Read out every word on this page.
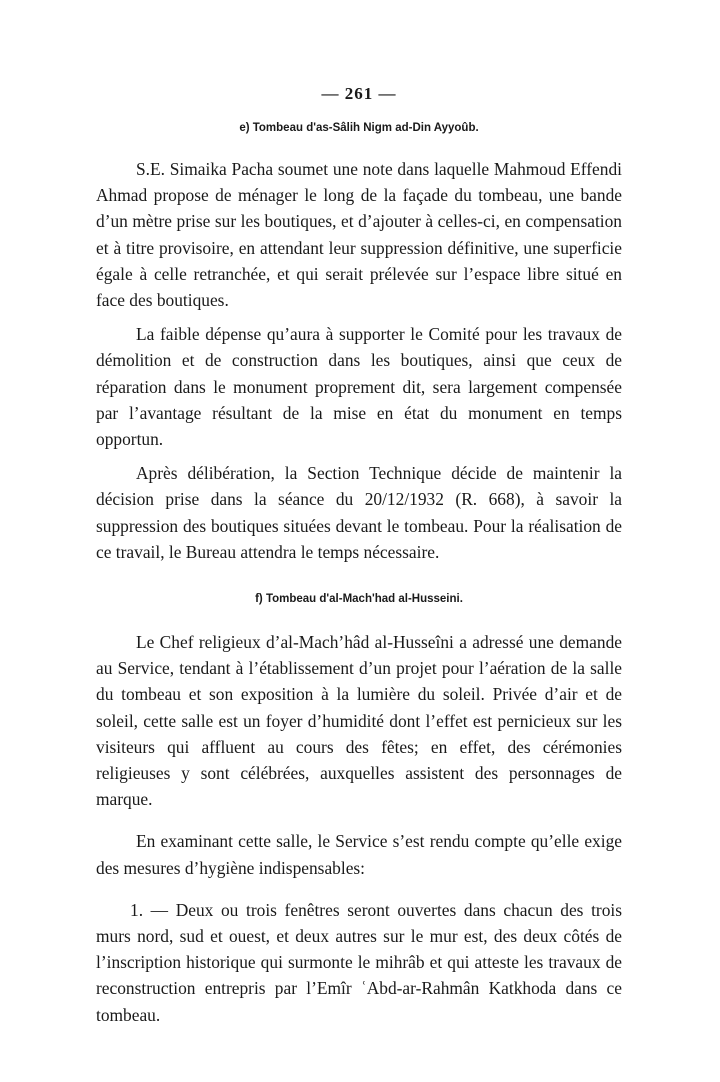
— 261 —
e) Tombeau d'as-Sâlih Nigm ad-Din Ayyoûb.

S.E. Simaika Pacha soumet une note dans laquelle Mahmoud Effendi Ahmad propose de ménager le long de la façade du tombeau, une bande d’un mètre prise sur les boutiques, et d’ajouter à celles-ci, en compensation et à titre provisoire, en attendant leur suppression définitive, une superficie égale à celle retranchée, et qui serait prélevée sur l’espace libre situé en face des boutiques.

La faible dépense qu’aura à supporter le Comité pour les travaux de démolition et de construction dans les boutiques, ainsi que ceux de réparation dans le monument proprement dit, sera largement compensée par l’avantage résultant de la mise en état du monument en temps opportun.

Après délibération, la Section Technique décide de maintenir la décision prise dans la séance du 20/12/1932 (R. 668), à savoir la suppression des boutiques situées devant le tombeau. Pour la réalisation de ce travail, le Bureau attendra le temps nécessaire.

f) Tombeau d'al-Mach'had al-Husseini.

Le Chef religieux d’al-Mach’hâd al-Husseîni a adressé une demande au Service, tendant à l’établissement d’un projet pour l’aération de la salle du tombeau et son exposition à la lumière du soleil. Privée d’air et de soleil, cette salle est un foyer d’humidité dont l’effet est pernicieux sur les visiteurs qui affluent au cours des fêtes; en effet, des cérémonies religieuses y sont célébrées, auxquelles assistent des personnages de marque.

En examinant cette salle, le Service s’est rendu compte qu’elle exige des mesures d’hygiène indispensables:

1. — Deux ou trois fenêtres seront ouvertes dans chacun des trois murs nord, sud et ouest, et deux autres sur le mur est, des deux côtés de l’inscription historique qui surmonte le mihrâb et qui atteste les travaux de reconstruction entrepris par l’Emîr ʿAbd-ar-Rahmân Katkhoda dans ce tombeau.
